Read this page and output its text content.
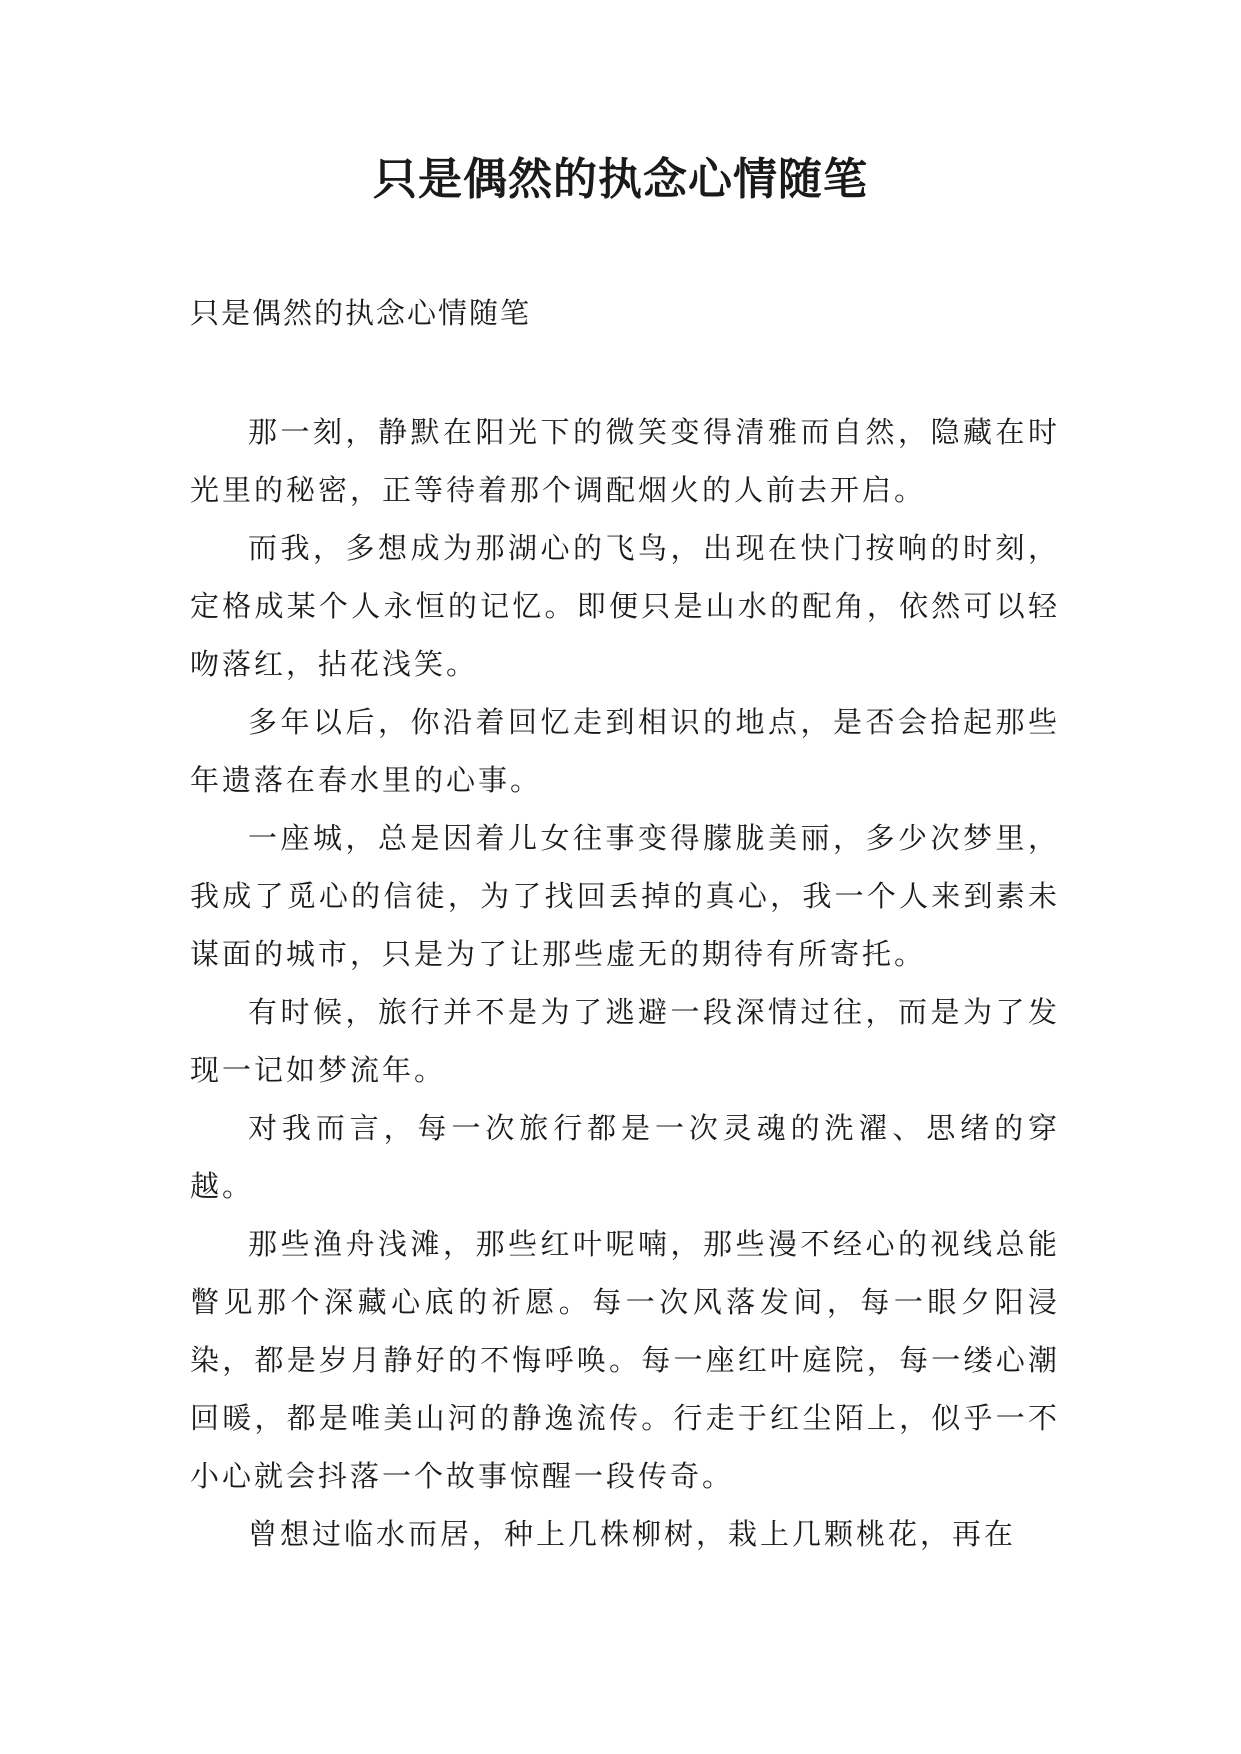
只是偶然的执念心情随笔

只是偶然的执念心情随笔

那一刻，静默在阳光下的微笑变得清雅而自然，隐藏在时光里的秘密，正等待着那个调配烟火的人前去开启。

而我，多想成为那湖心的飞鸟，出现在快门按响的时刻，定格成某个人永恒的记忆。即便只是山水的配角，依然可以轻吻落红，拈花浅笑。

多年以后，你沿着回忆走到相识的地点，是否会拾起那些年遗落在春水里的心事。

一座城，总是因着儿女往事变得朦胧美丽，多少次梦里，我成了觅心的信徒，为了找回丢掉的真心，我一个人来到素未谋面的城市，只是为了让那些虚无的期待有所寄托。

有时候，旅行并不是为了逃避一段深情过往，而是为了发现一记如梦流年。

对我而言，每一次旅行都是一次灵魂的洗濯、思绪的穿越。

那些渔舟浅滩，那些红叶呢喃，那些漫不经心的视线总能瞥见那个深藏心底的祈愿。每一次风落发间，每一眼夕阳浸染，都是岁月静好的不悔呼唤。每一座红叶庭院，每一缕心潮回暖，都是唯美山河的静逸流传。行走于红尘陌上，似乎一不小心就会抖落一个故事惊醒一段传奇。

曾想过临水而居，种上几株柳树，栽上几颗桃花，再在
